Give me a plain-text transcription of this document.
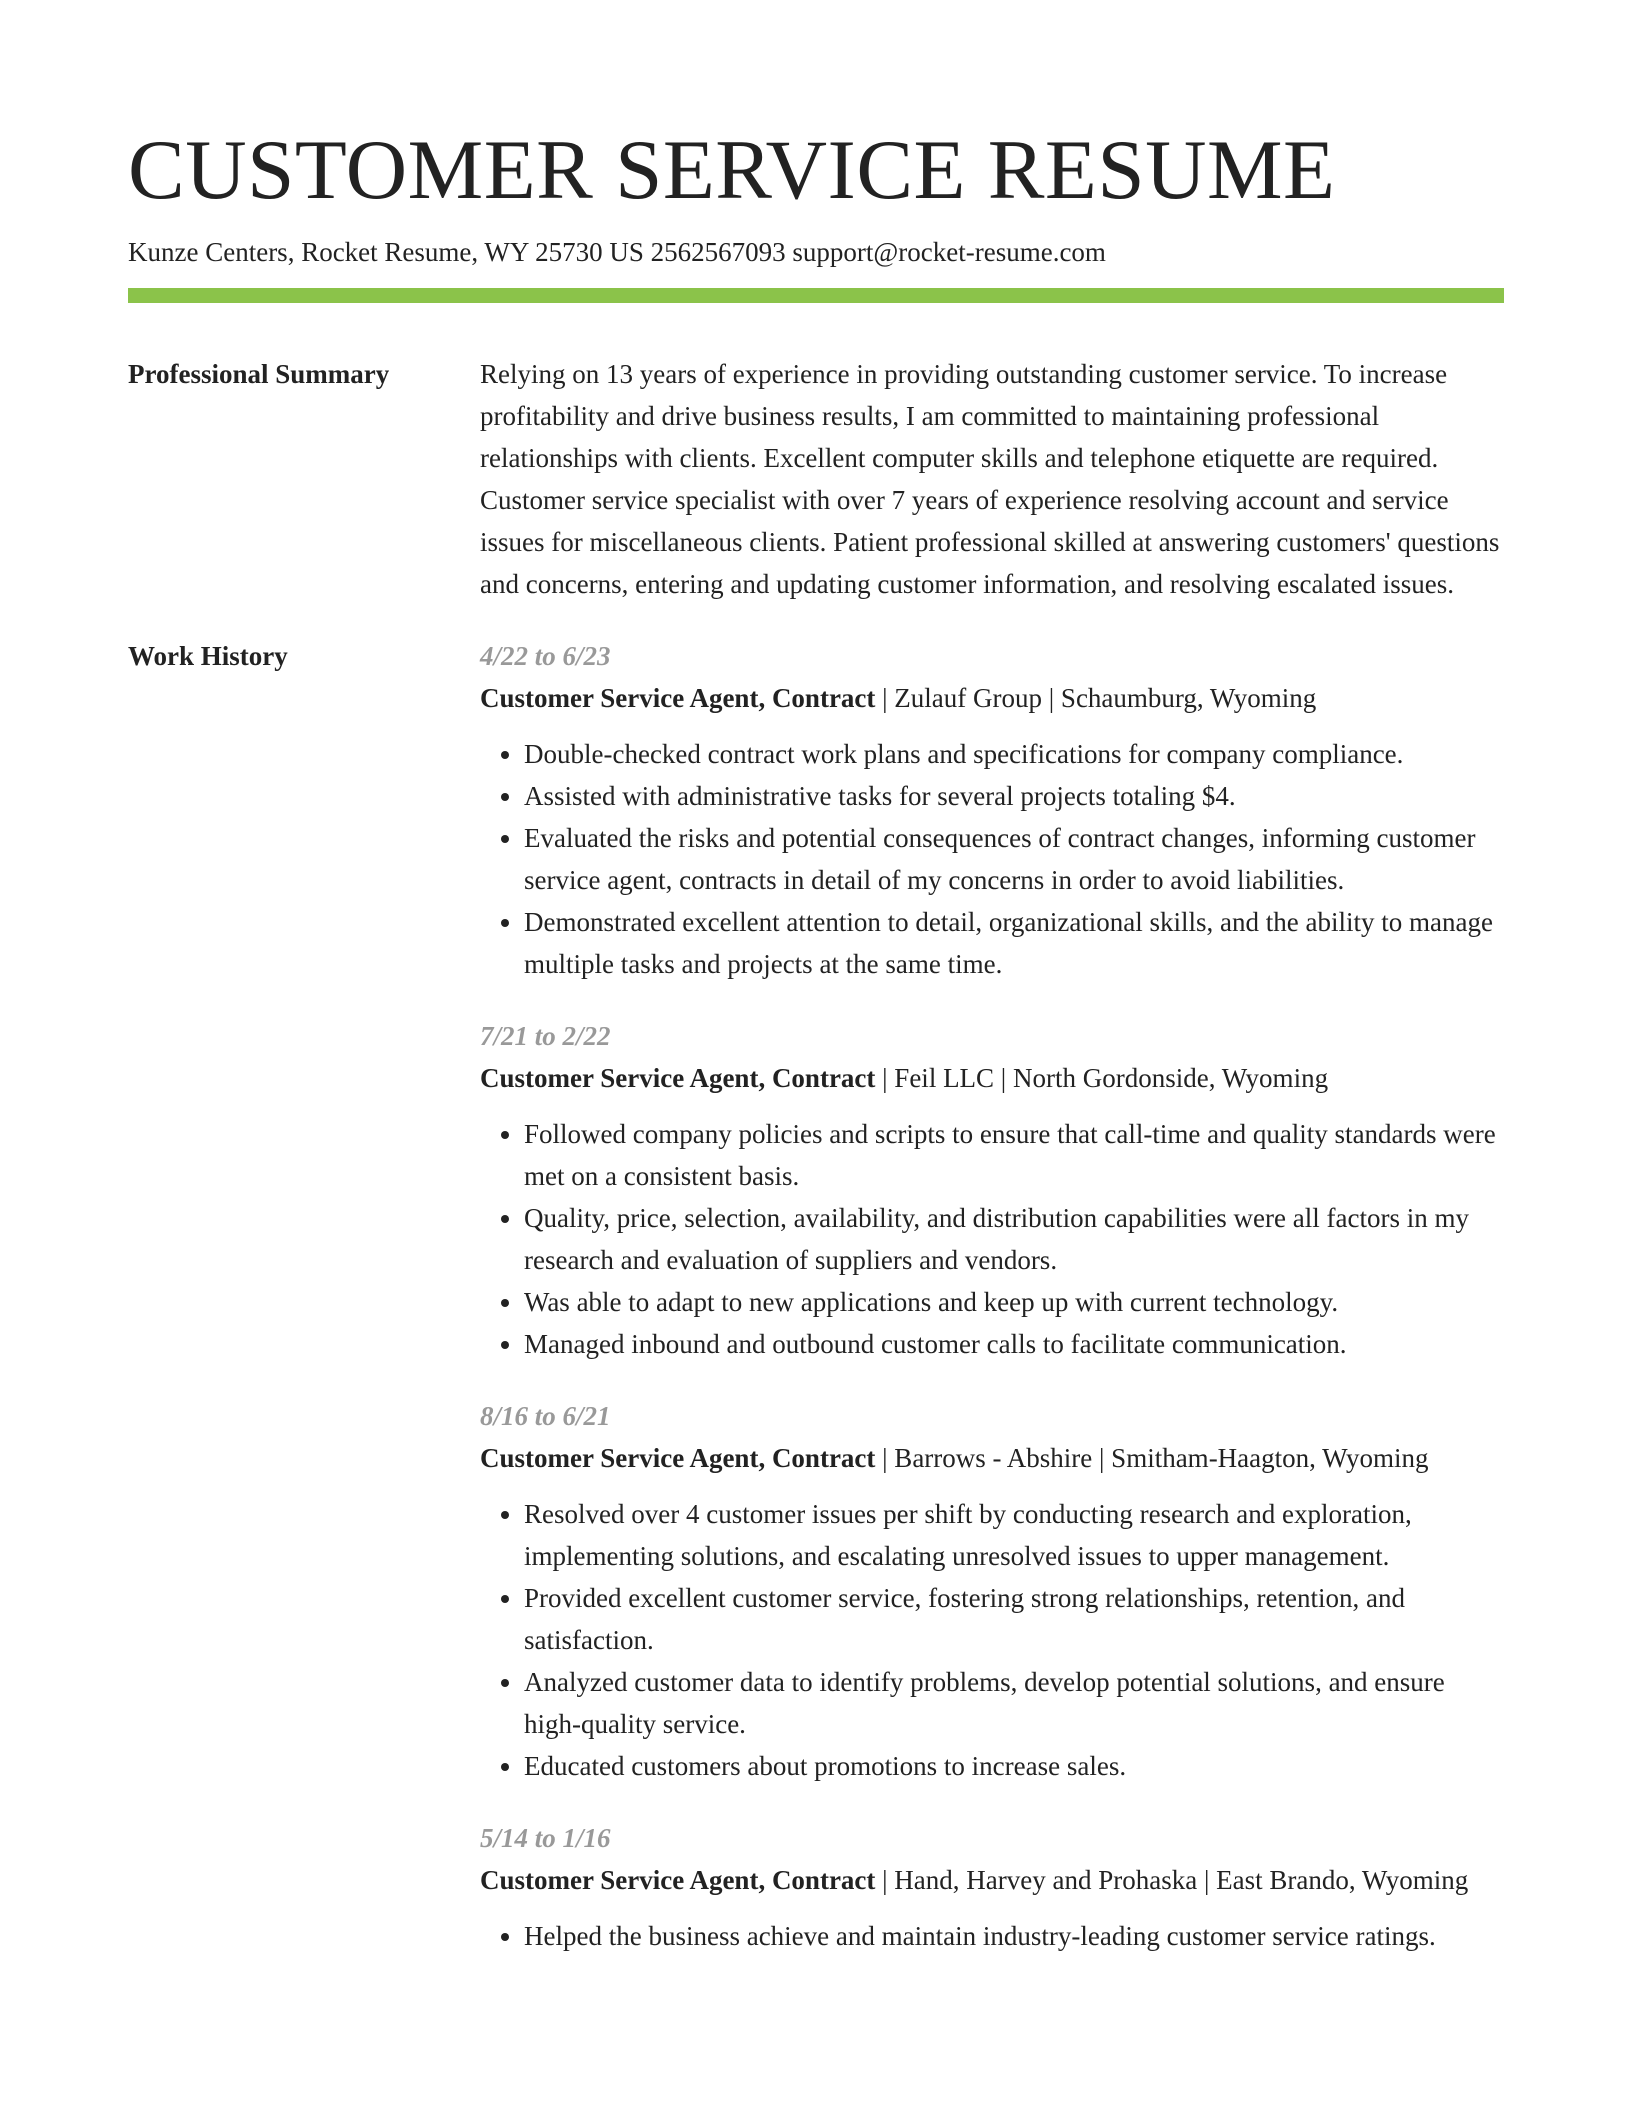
CUSTOMER SERVICE RESUME
Kunze Centers, Rocket Resume, WY 25730 US 2562567093 support@rocket-resume.com
Professional Summary	Relying on 13 years of experience in providing outstanding customer service. To increase profitability and drive business results, I am committed to maintaining professional relationships with clients. Excellent computer skills and telephone etiquette are required. Customer service specialist with over 7 years of experience resolving account and service issues for miscellaneous clients. Patient professional skilled at answering customers' questions and concerns, entering and updating customer information, and resolving escalated issues.
Work History	4/22 to 6/23
Customer Service Agent, Contract | Zulauf Group | Schaumburg, Wyoming
• Double-checked contract work plans and specifications for company compliance.
• Assisted with administrative tasks for several projects totaling $4.
• Evaluated the risks and potential consequences of contract changes, informing customer service agent, contracts in detail of my concerns in order to avoid liabilities.
• Demonstrated excellent attention to detail, organizational skills, and the ability to manage multiple tasks and projects at the same time.
7/21 to 2/22
Customer Service Agent, Contract | Feil LLC | North Gordonside, Wyoming
• Followed company policies and scripts to ensure that call-time and quality standards were met on a consistent basis.
• Quality, price, selection, availability, and distribution capabilities were all factors in my research and evaluation of suppliers and vendors.
• Was able to adapt to new applications and keep up with current technology.
• Managed inbound and outbound customer calls to facilitate communication.
8/16 to 6/21
Customer Service Agent, Contract | Barrows - Abshire | Smitham-Haagton, Wyoming
• Resolved over 4 customer issues per shift by conducting research and exploration, implementing solutions, and escalating unresolved issues to upper management.
• Provided excellent customer service, fostering strong relationships, retention, and satisfaction.
• Analyzed customer data to identify problems, develop potential solutions, and ensure high-quality service.
• Educated customers about promotions to increase sales.
5/14 to 1/16
Customer Service Agent, Contract | Hand, Harvey and Prohaska | East Brando, Wyoming
• Helped the business achieve and maintain industry-leading customer service ratings.
